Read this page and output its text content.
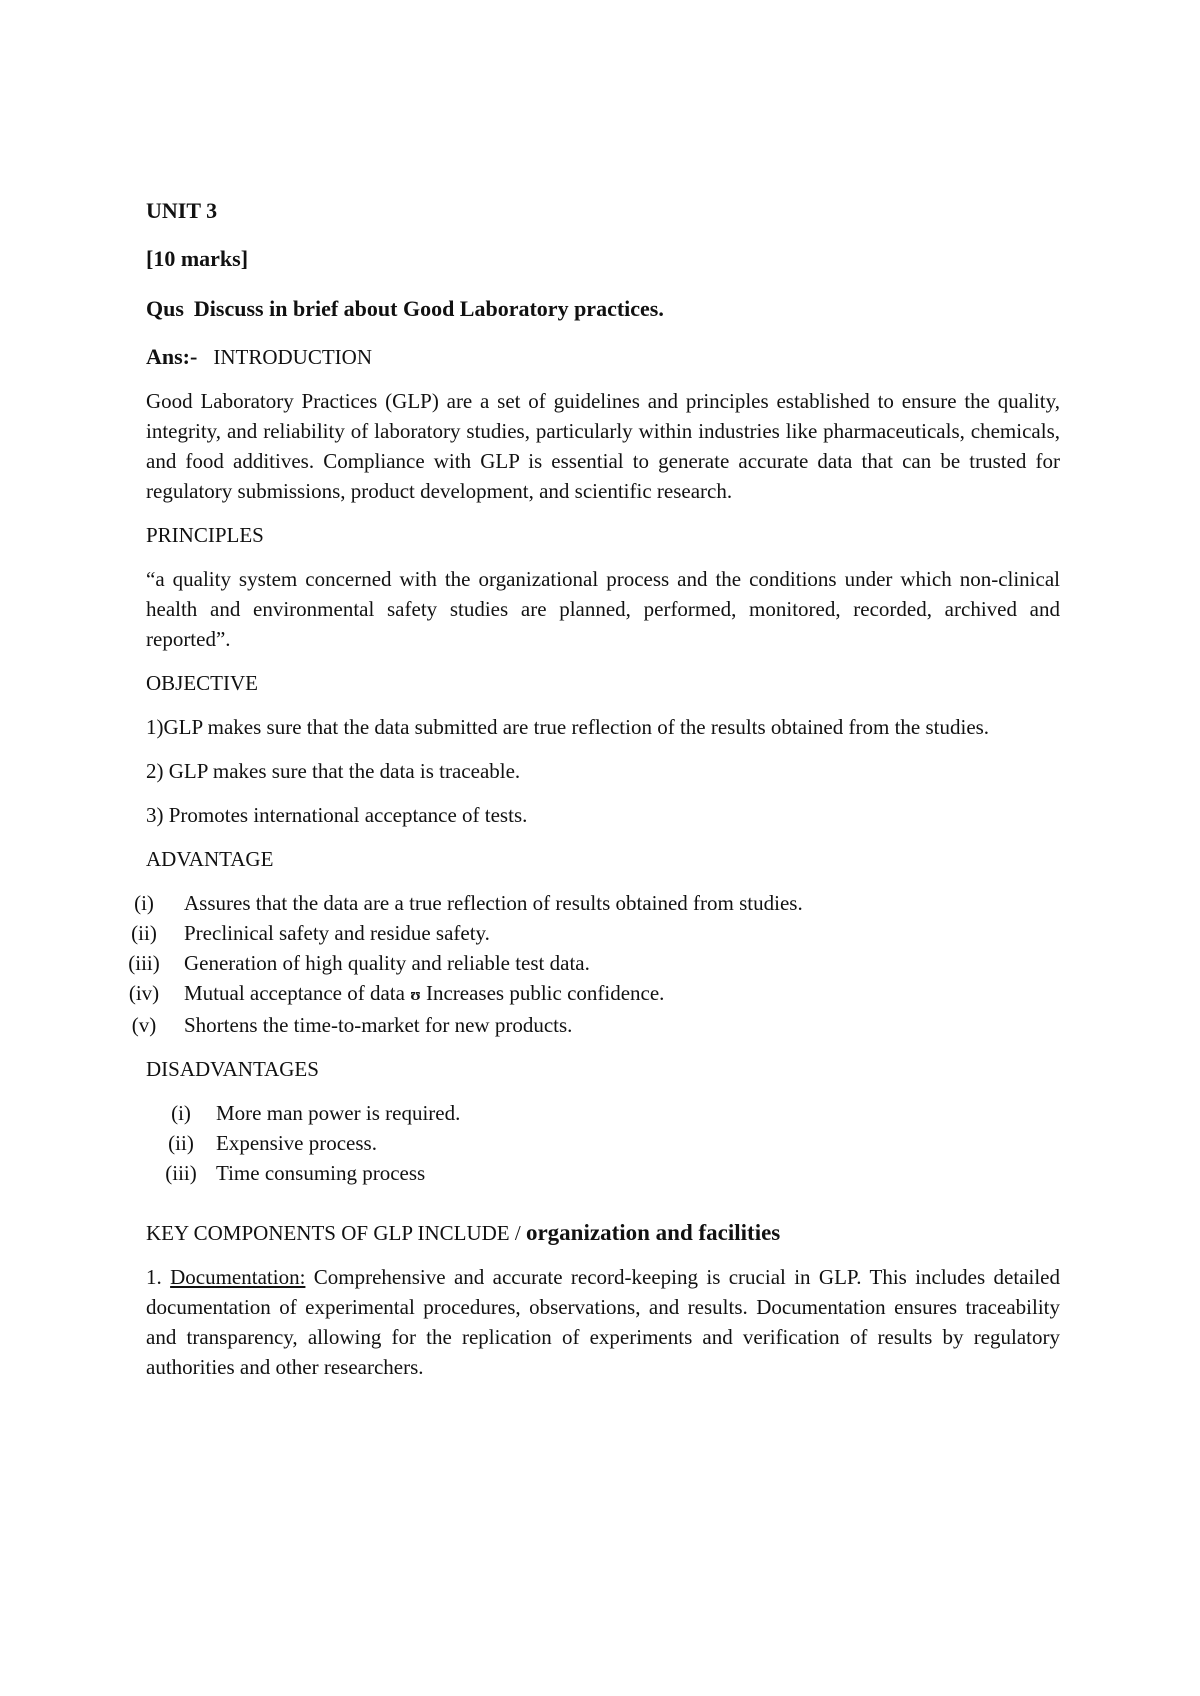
UNIT 3
[10 marks]
Qus Discuss in brief about Good Laboratory practices.
Ans:- INTRODUCTION

Good Laboratory Practices (GLP) are a set of guidelines and principles established to ensure the quality, integrity, and reliability of laboratory studies, particularly within industries like pharmaceuticals, chemicals, and food additives. Compliance with GLP is essential to generate accurate data that can be trusted for regulatory submissions, product development, and scientific research.

PRINCIPLES

“a quality system concerned with the organizational process and the conditions under which non-clinical health and environmental safety studies are planned, performed, monitored, recorded, archived and reported”.

OBJECTIVE

1)GLP makes sure that the data submitted are true reflection of the results obtained from the studies.

2) GLP makes sure that the data is traceable.

3) Promotes international acceptance of tests.

ADVANTAGE
(i)	Assures that the data are a true reflection of results obtained from studies.
(ii)	Preclinical safety and residue safety.
(iii)	Generation of high quality and reliable test data.
(iv)	Mutual acceptance of data ʊ Increases public confidence.
(v)	Shortens the time-to-market for new products.
DISADVANTAGES
(i)	More man power is required.
(ii)	Expensive process.
(iii) Time consuming process
KEY COMPONENTS OF GLP INCLUDE / organization and facilities

1. Documentation: Comprehensive and accurate record-keeping is crucial in GLP. This includes detailed documentation of experimental procedures, observations, and results. Documentation ensures traceability and transparency, allowing for the replication of experiments and verification of results by regulatory authorities and other researchers.
